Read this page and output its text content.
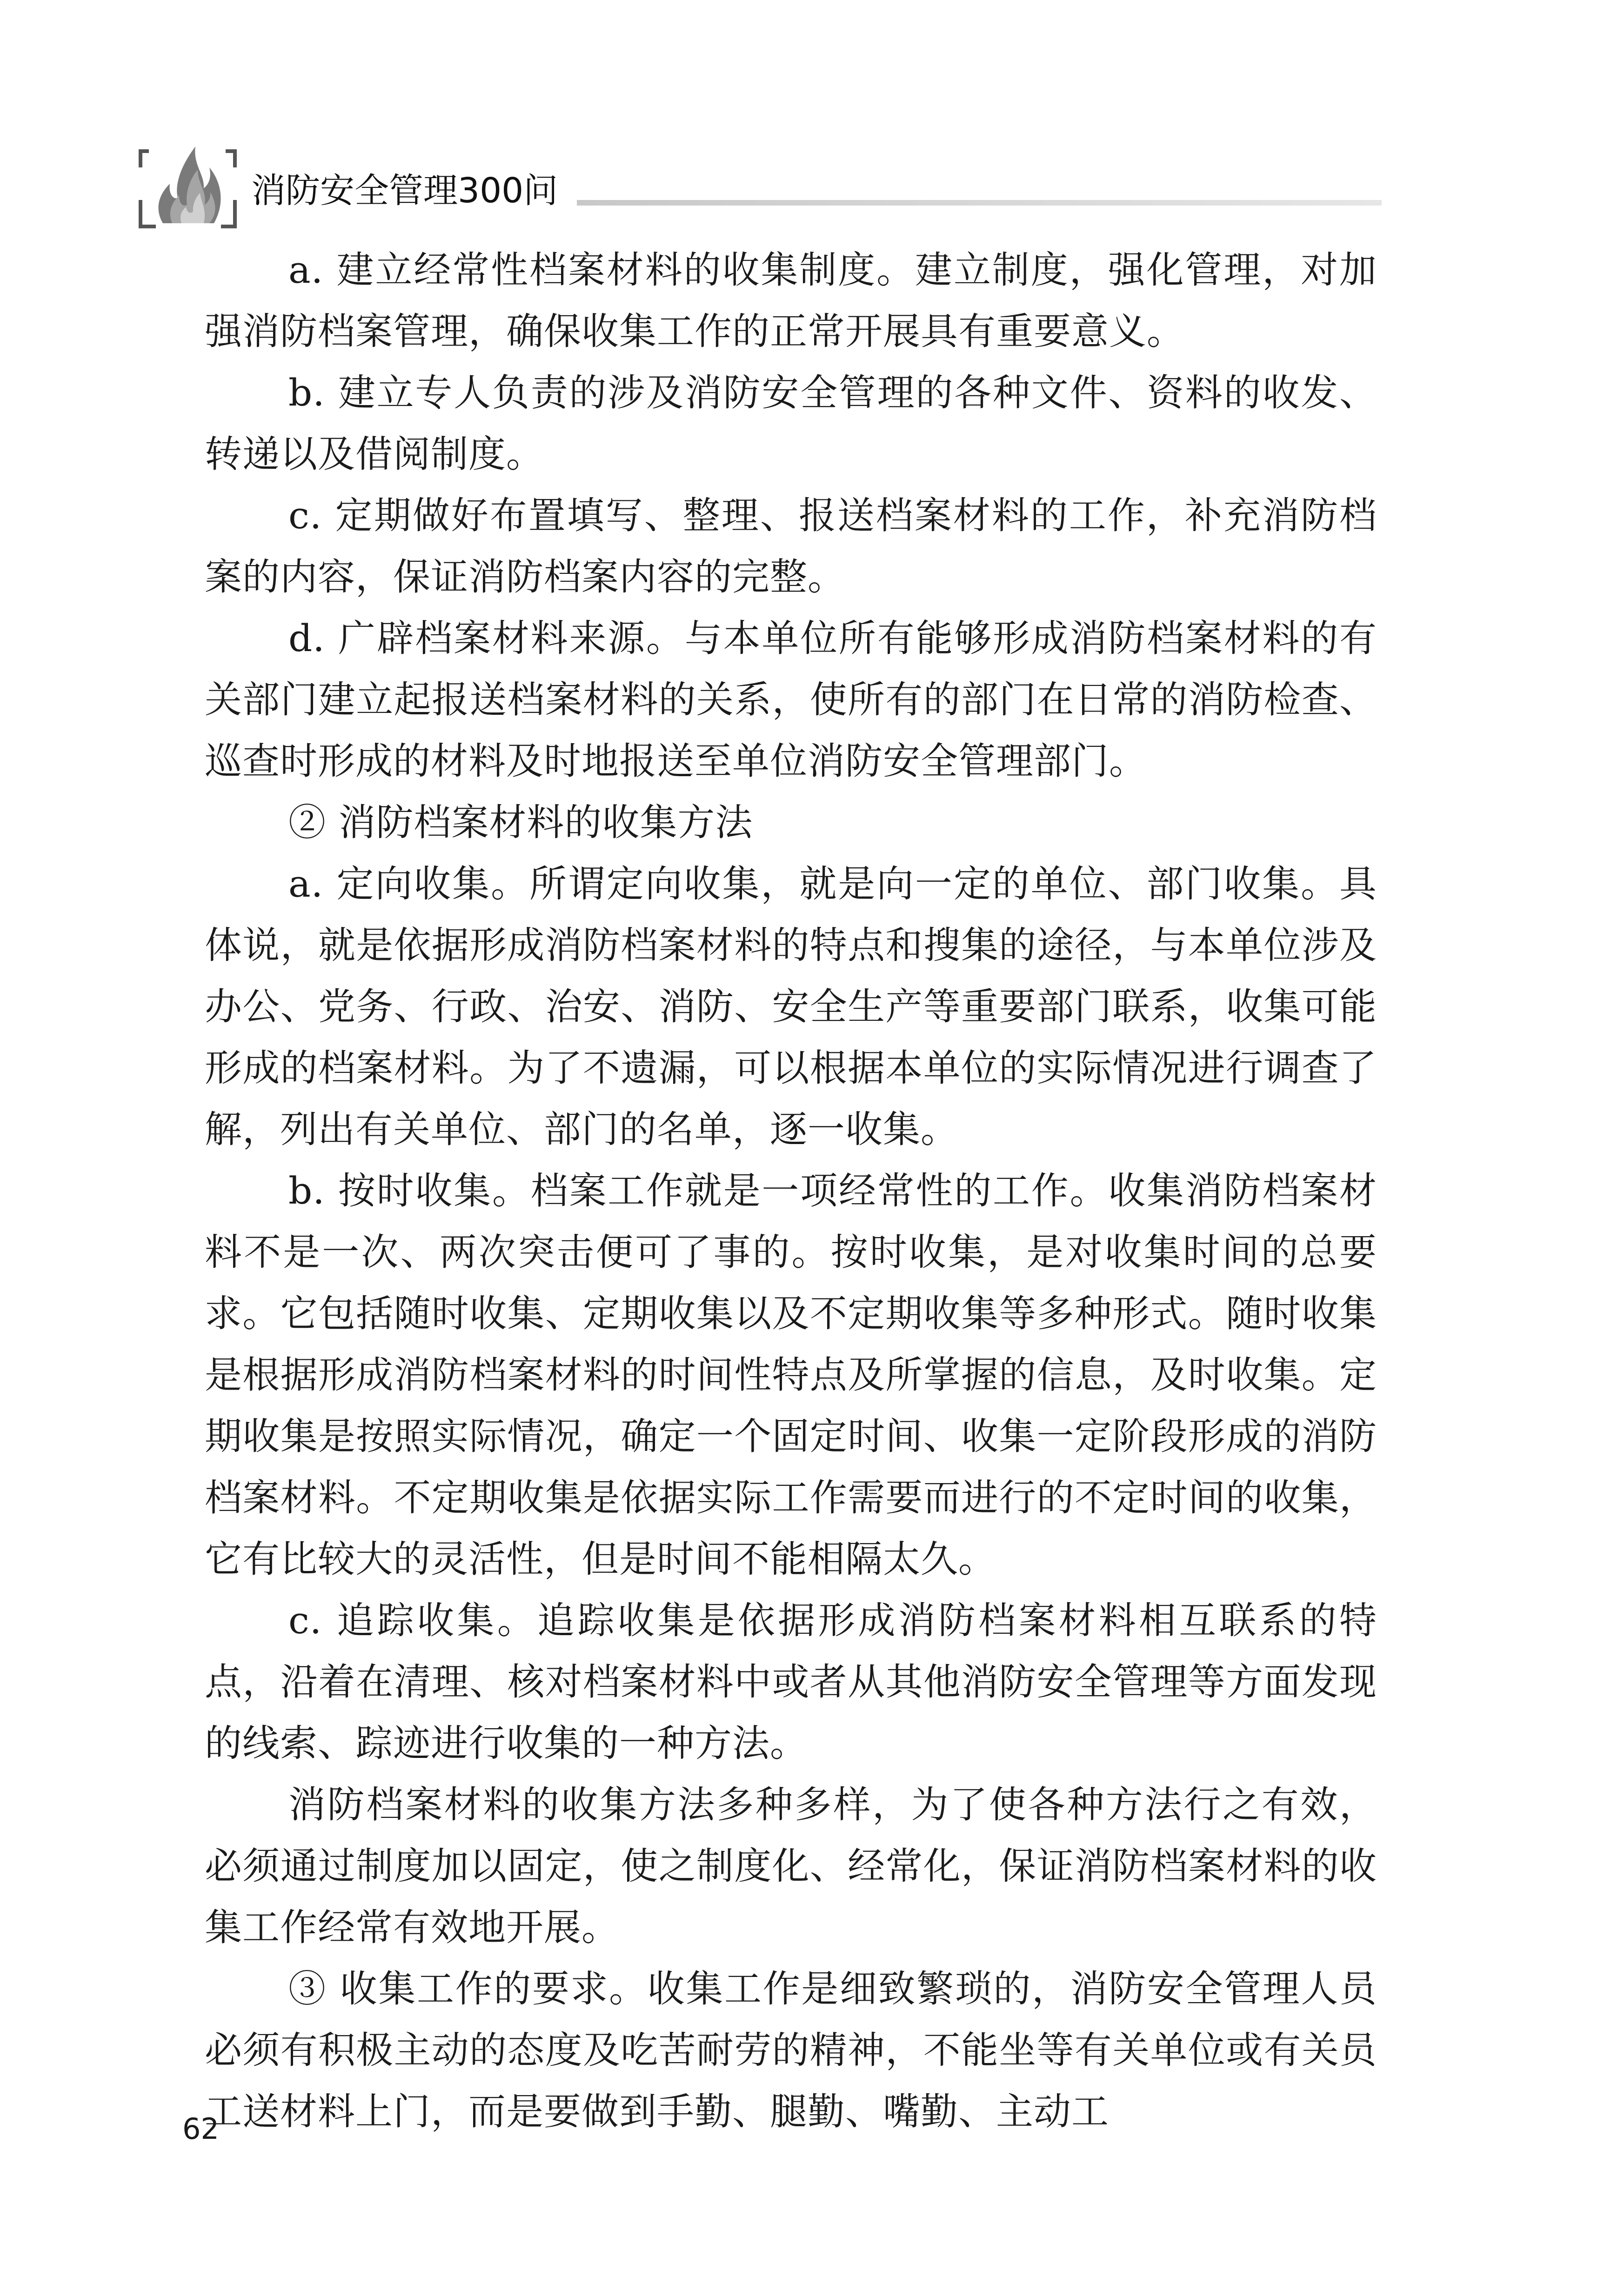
消防安全管理300问

a. 建立经常性档案材料的收集制度。建立制度，强化管理，对加强消防档案管理，确保收集工作的正常开展具有重要意义。

b. 建立专人负责的涉及消防安全管理的各种文件、资料的收发、转递以及借阅制度。

c. 定期做好布置填写、整理、报送档案材料的工作，补充消防档案的内容，保证消防档案内容的完整。

d. 广辟档案材料来源。与本单位所有能够形成消防档案材料的有关部门建立起报送档案材料的关系，使所有的部门在日常的消防检查、巡查时形成的材料及时地报送至单位消防安全管理部门。

② 消防档案材料的收集方法

a. 定向收集。所谓定向收集，就是向一定的单位、部门收集。具体说，就是依据形成消防档案材料的特点和搜集的途径，与本单位涉及办公、党务、行政、治安、消防、安全生产等重要部门联系，收集可能形成的档案材料。为了不遗漏，可以根据本单位的实际情况进行调查了解，列出有关单位、部门的名单，逐一收集。

b. 按时收集。档案工作就是一项经常性的工作。收集消防档案材料不是一次、两次突击便可了事的。按时收集，是对收集时间的总要求。它包括随时收集、定期收集以及不定期收集等多种形式。随时收集是根据形成消防档案材料的时间性特点及所掌握的信息，及时收集。定期收集是按照实际情况，确定一个固定时间、收集一定阶段形成的消防档案材料。不定期收集是依据实际工作需要而进行的不定时间的收集，它有比较大的灵活性，但是时间不能相隔太久。

c. 追踪收集。追踪收集是依据形成消防档案材料相互联系的特点，沿着在清理、核对档案材料中或者从其他消防安全管理等方面发现的线索、踪迹进行收集的一种方法。

消防档案材料的收集方法多种多样，为了使各种方法行之有效，必须通过制度加以固定，使之制度化、经常化，保证消防档案材料的收集工作经常有效地开展。

③ 收集工作的要求。收集工作是细致繁琐的，消防安全管理人员必须有积极主动的态度及吃苦耐劳的精神，不能坐等有关单位或有关员工送材料上门，而是要做到手勤、腿勤、嘴勤、主动工

62
